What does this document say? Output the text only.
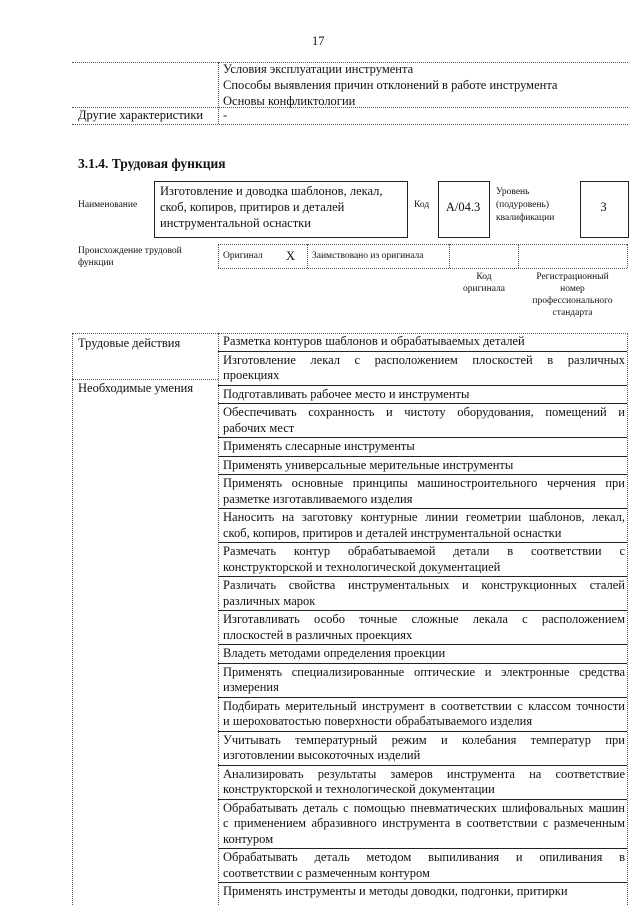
17
Условия эксплуатации инструмента
Способы выявления причин отклонений в работе инструмента
Основы конфликтологии
Другие характеристики -
3.1.4. Трудовая функция
Наименование
Изготовление и доводка шаблонов, лекал,
скоб, копиров, притиров и деталей
инструментальной оснастки
Код	A/04.3
Уровень
(подуровень)
квалификации
3
Происхождение трудовой
функции
Оригинал X Заимствовано из оригинала
Код
оригинала
Регистрационный
номер
профессионального
стандарта
Трудовые действия
Необходимые умения
Разметка контуров шаблонов и обрабатываемых деталей
Изготовление лекал с расположением плоскостей в различных
проекциях
Подготавливать рабочее место и инструменты
Обеспечивать сохранность и чистоту оборудования, помещений и
рабочих мест
Применять слесарные инструменты
Применять универсальные мерительные инструменты
Применять основные принципы машиностроительного черчения при
разметке изготавливаемого изделия
Наносить на заготовку контурные линии геометрии шаблонов, лекал,
скоб, копиров, притиров и деталей инструментальной оснастки
Размечать контур обрабатываемой детали в соответствии с
конструкторской и технологической документацией
Различать свойства инструментальных и конструкционных сталей
различных марок
Изготавливать особо точные сложные лекала с расположением
плоскостей в различных проекциях
Владеть методами определения проекции
Применять специализированные оптические и электронные средства
измерения
Подбирать мерительный инструмент в соответствии с классом точности
и шероховатостью поверхности обрабатываемого изделия
Учитывать температурный режим и колебания температур при
изготовлении высокоточных изделий
Анализировать результаты замеров инструмента на соответствие
конструкторской и технологической документации
Обрабатывать деталь с помощью пневматических шлифовальных машин
с применением абразивного инструмента в соответствии с размеченным
контуром
Обрабатывать деталь методом выпиливания и опиливания в
соответствии с размеченным контуром
Применять инструменты и методы доводки, подгонки, притирки
